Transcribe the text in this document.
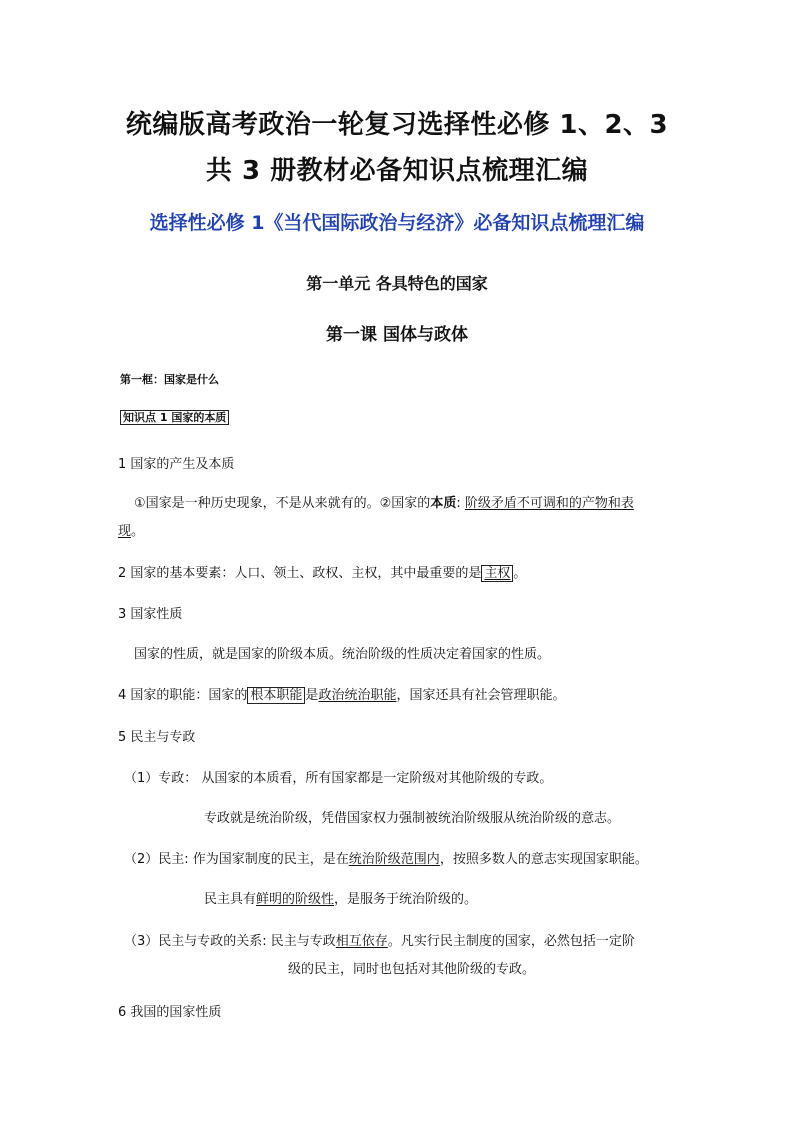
统编版高考政治一轮复习选择性必修 1、2、3
共 3 册教材必备知识点梳理汇编
选择性必修 1《当代国际政治与经济》必备知识点梳理汇编
第一单元 各具特色的国家
第一课 国体与政体
第一框：国家是什么
知识点 1 国家的本质
1 国家的产生及本质
①国家是一种历史现象，不是从来就有的。②国家的本质: 阶级矛盾不可调和的产物和表
现。
2 国家的基本要素：人口、领土、政权、主权，其中最重要的是 主权 。
3 国家性质
国家的性质，就是国家的阶级本质。统治阶级的性质决定着国家的性质。
4 国家的职能：国家的 根本职能 是政治统治职能，国家还具有社会管理职能。
5 民主与专政
（1）专政： 从国家的本质看，所有国家都是一定阶级对其他阶级的专政。
专政就是统治阶级，凭借国家权力强制被统治阶级服从统治阶级的意志。
（2）民主: 作为国家制度的民主，是在统治阶级范围内，按照多数人的意志实现国家职能。
民主具有鲜明的阶级性，是服务于统治阶级的。
（3）民主与专政的关系: 民主与专政相互依存。凡实行民主制度的国家，必然包括一定阶
级的民主，同时也包括对其他阶级的专政。
6 我国的国家性质
